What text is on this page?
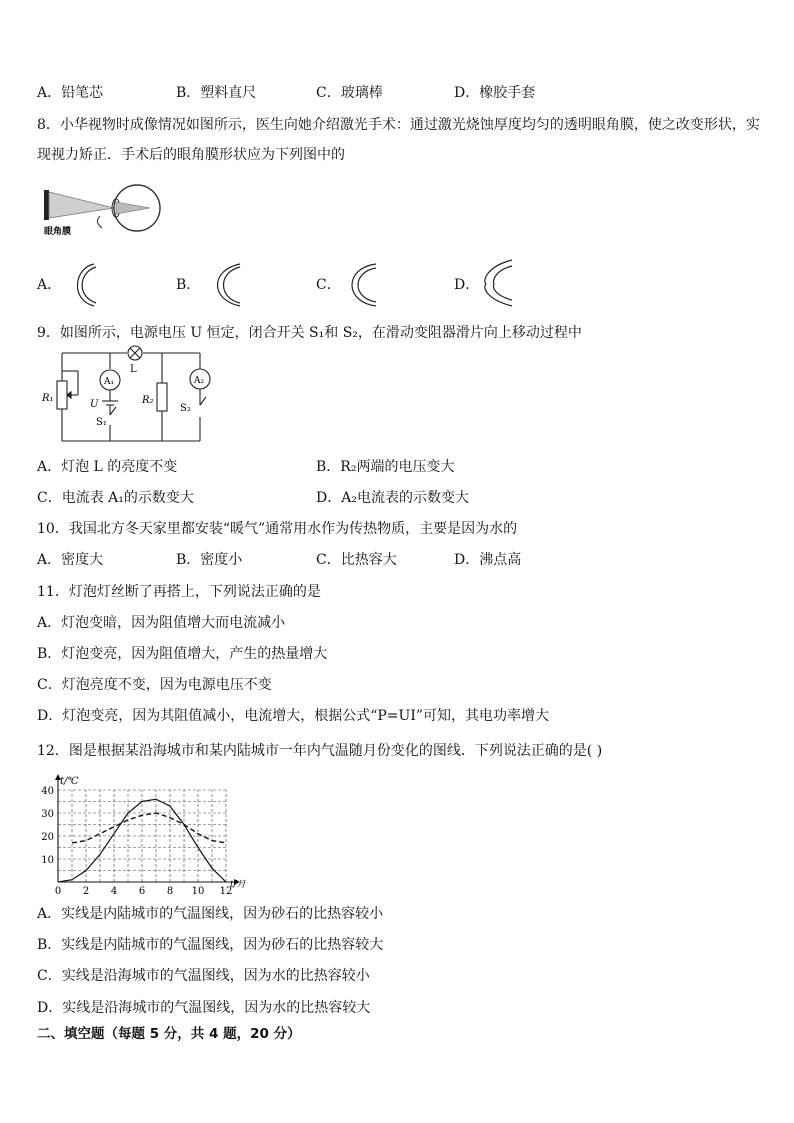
A．铅笔芯	B．塑料直尺	C．玻璃棒	D．橡胶手套
8．小华视物时成像情况如图所示，医生向她介绍激光手术：通过激光烧蚀厚度均匀的透明眼角膜，使之改变形状，实
现视力矫正．手术后的眼角膜形状应为下列图中的
眼角膜
A．	B．	C．	D．
9．如图所示，电源电压 U 恒定，闭合开关 S₁和 S₂，在滑动变阻器滑片向上移动过程中
L
A₁	A₂
R₁	R₂
U
S₁
S₂
A．灯泡 L 的亮度不变	B．R₂两端的电压变大
C．电流表 A₁的示数变大	D．A₂电流表的示数变大
10．我国北方冬天家里都安装“暖气”通常用水作为传热物质，主要是因为水的
A．密度大	B．密度小	C．比热容大	D．沸点高
11．灯泡灯丝断了再搭上，下列说法正确的是
A．灯泡变暗，因为阻值增大而电流减小
B．灯泡变亮，因为阻值增大，产生的热量增大
C．灯泡亮度不变，因为电源电压不变
D．灯泡变亮，因为其阻值减小，电流增大，根据公式“P=UI”可知，其电功率增大
12．图是根据某沿海城市和某内陆城市一年内气温随月份变化的图线．下列说法正确的是( )
0 2 4 6 8 10 12
10
20
30
40
t/℃
t/月
A．实线是内陆城市的气温图线，因为砂石的比热容较小
B．实线是内陆城市的气温图线，因为砂石的比热容较大
C．实线是沿海城市的气温图线，因为水的比热容较小
D．实线是沿海城市的气温图线，因为水的比热容较大
二、填空题（每题 5 分，共 4 题，20 分）
